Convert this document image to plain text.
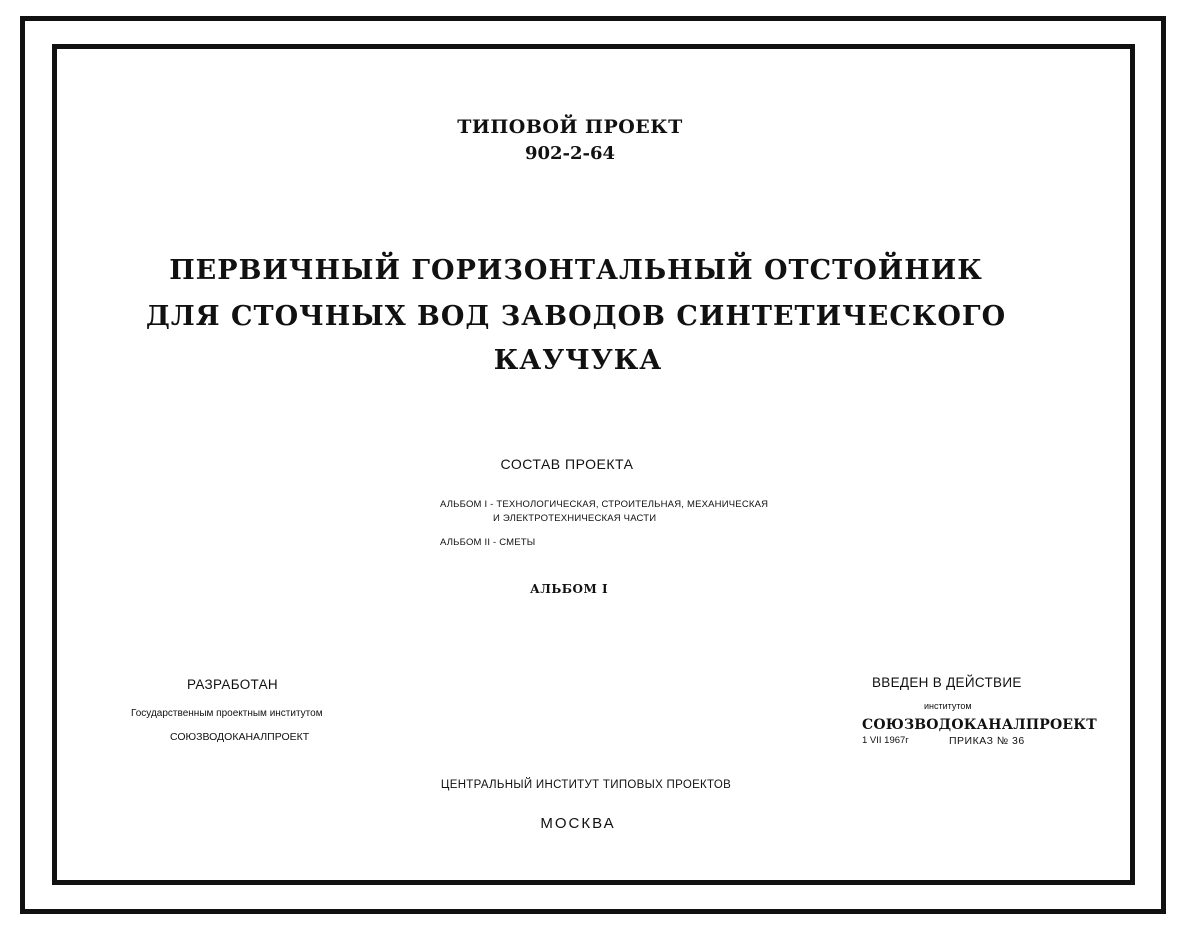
ТИПОВОЙ ПРОЕКТ
902-2-64
ПЕРВИЧНЫЙ ГОРИЗОНТАЛЬНЫЙ ОТСТОЙНИК
ДЛЯ СТОЧНЫХ ВОД ЗАВОДОВ СИНТЕТИЧЕСКОГО
КАУЧУКА
СОСТАВ ПРОЕКТА
АЛЬБОМ I - ТЕХНОЛОГИЧЕСКАЯ, СТРОИТЕЛЬНАЯ, МЕХАНИЧЕСКАЯ
И ЭЛЕКТРОТЕХНИЧЕСКАЯ ЧАСТИ
АЛЬБОМ II - СМЕТЫ
АЛЬБОМ I
РАЗРАБОТАН
Государственным проектным институтом
СОЮЗВОДОКАНАЛПРОЕКТ
ВВЕДЕН В ДЕЙСТВИЕ
институтом
СОЮЗВОДОКАНАЛПРОЕКТ
1 VII 1967г	ПРИКАЗ № 36
ЦЕНТРАЛЬНЫЙ ИНСТИТУТ ТИПОВЫХ ПРОЕКТОВ
МОСКВА
